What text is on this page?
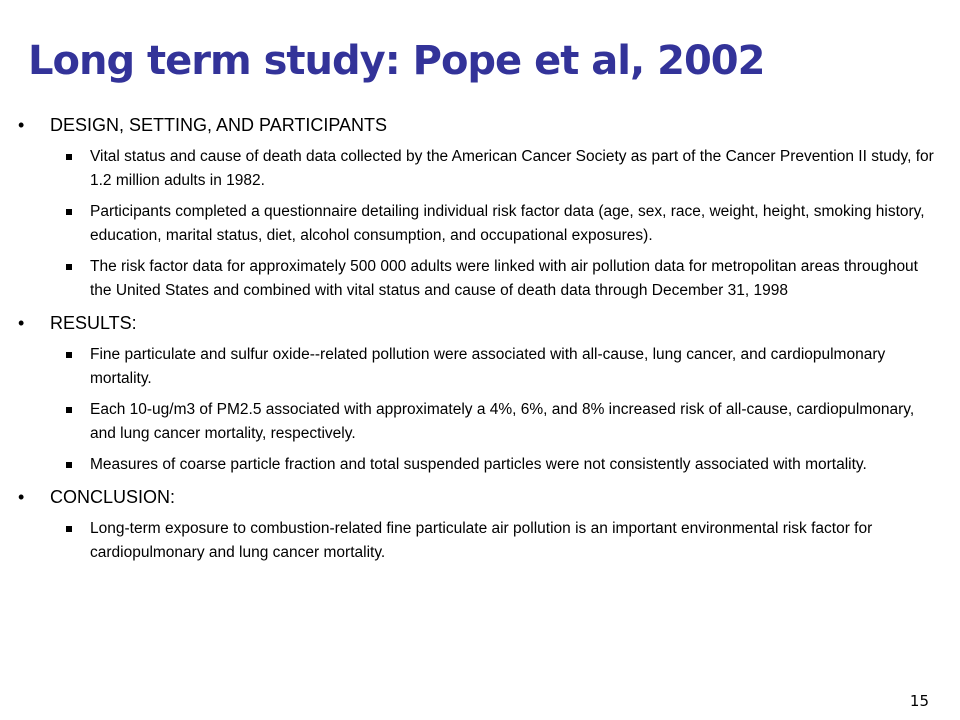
Long term study: Pope et al, 2002
•	DESIGN, SETTING, AND PARTICIPANTS
Vital status and cause of death data collected by the American Cancer Society as part of the Cancer Prevention II study, for 1.2 million adults in 1982.
Participants completed a questionnaire detailing individual risk factor data (age, sex, race, weight, height, smoking history, education, marital status, diet, alcohol consumption, and occupational exposures).
The risk factor data for approximately 500 000 adults were linked with air pollution data for metropolitan areas throughout the United States and combined with vital status and cause of death data through December 31, 1998
•	RESULTS:
Fine particulate and sulfur oxide--related pollution were associated with all-cause, lung cancer, and cardiopulmonary mortality.
Each 10-ug/m3 of PM2.5 associated with approximately a 4%, 6%, and 8% increased risk of all-cause, cardiopulmonary, and lung cancer mortality, respectively.
Measures of coarse particle fraction and total suspended particles were not consistently associated with mortality.
•	CONCLUSION:
Long-term exposure to combustion-related fine particulate air pollution is an important environmental risk factor for cardiopulmonary and lung cancer mortality.
15
